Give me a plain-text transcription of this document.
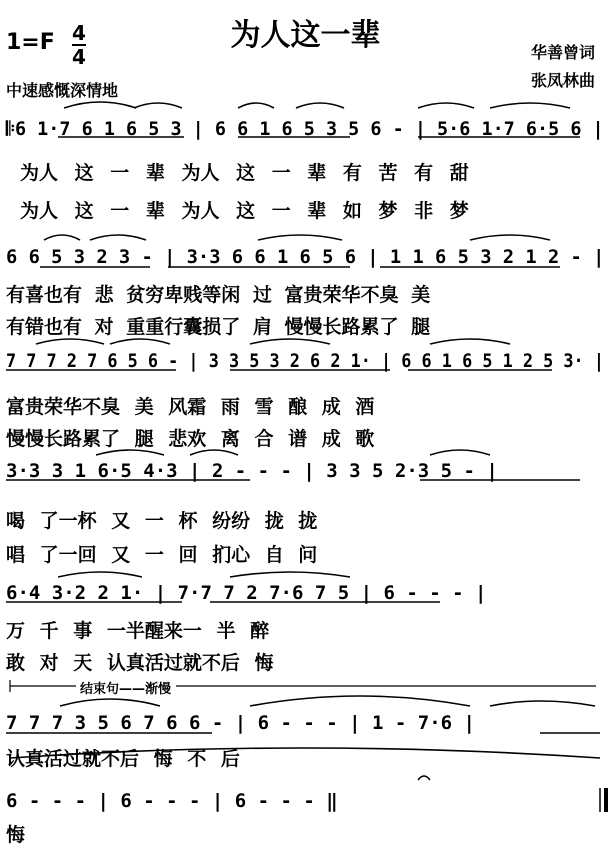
1=F 4
4
为人这一辈	华善曾词
张凤林曲
中速感慨深情地
𝄆6 1·7 6 1 6 5 3 | 6 6 1 6 5 3 5 6 - | 5·6 1·7 6·5 6 |
为人 这 一 辈 为人 这 一 辈 有 苦 有 甜
为人 这 一 辈 为人 这 一 辈 如 梦 非 梦
6 6 5 3 2 3 - | 3·3 6 6 1 6 5 6 | 1 1 6 5 3 2 1 2 - |
有喜也有 悲 贫穷卑贱等闲 过 富贵荣华不臭 美
有错也有 对 重重行囊损了 肩 慢慢长路累了 腿
7 7 7 2 7 6 5 6 - | 3 3 5 3 2 6 2 1· | 6 6 1 6 5 1 2 5 3· |
富贵荣华不臭 美 风霜 雨 雪 酿 成 酒
慢慢长路累了 腿 悲欢 离 合 谱 成 歌
3·3 3 1 6·5 4·3 | 2 - - - | 3 3 5 2·3 5 - |
喝 了一杯 又 一 杯 纷纷 拢 拢
唱 了一回 又 一 回 扪心 自 问
6·4 3·2 2 1· | 7·7 7 2 7·6 7 5 | 6 - - - |
万 千 事 一半醒来一 半 醉
敢 对 天 认真活过就不后 悔
结束句——渐慢
7 7 7 3 5 6 7 6 6 - | 6 - - - | 1 - 7·6 |
认真活过就不后 悔 不 后
6 - - - | 6 - - - | 6 - - - ‖
悔
